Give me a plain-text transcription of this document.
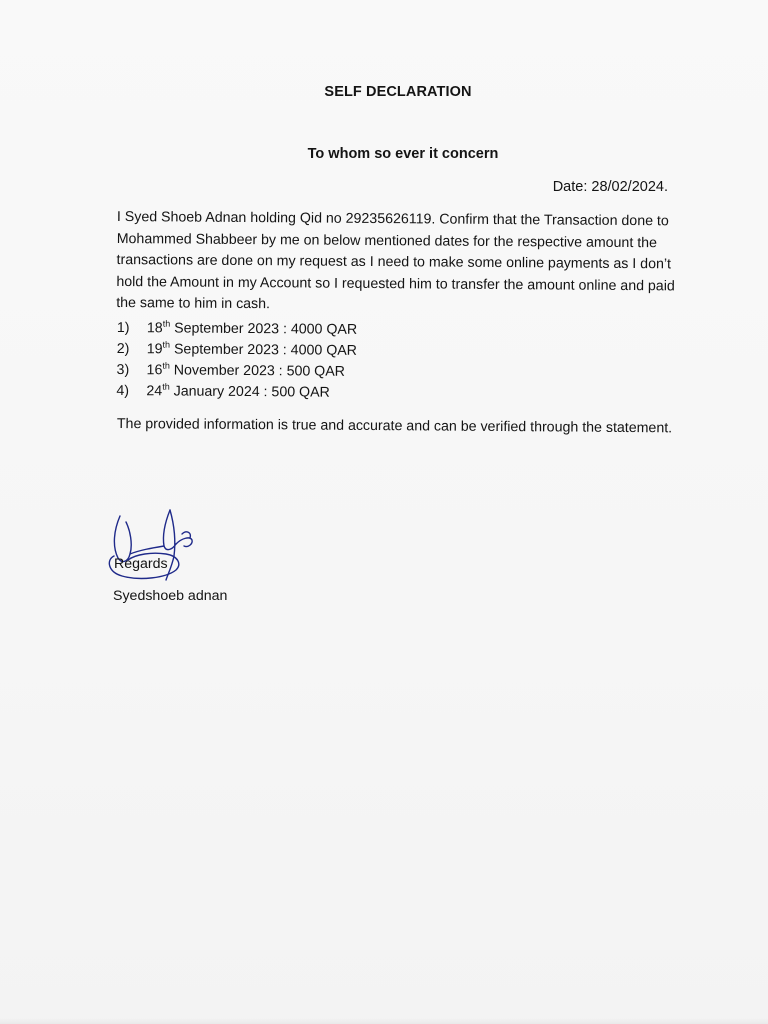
SELF DECLARATION
To whom so ever it concern
Date: 28/02/2024.
I Syed Shoeb Adnan holding Qid no 29235626119. Confirm that the Transaction done to Mohammed Shabbeer by me on below mentioned dates for the respective amount the transactions are done on my request as I need to make some online payments as I don’t hold the Amount in my Account so I requested him to transfer the amount online and paid the same to him in cash.
1)	18th September 2023 : 4000 QAR
2)	19th September 2023 : 4000 QAR
3)	16th November 2023 : 500 QAR
4)	24th January 2024 : 500 QAR
The provided information is true and accurate and can be verified through the statement.
Regards
Syedshoeb adnan
